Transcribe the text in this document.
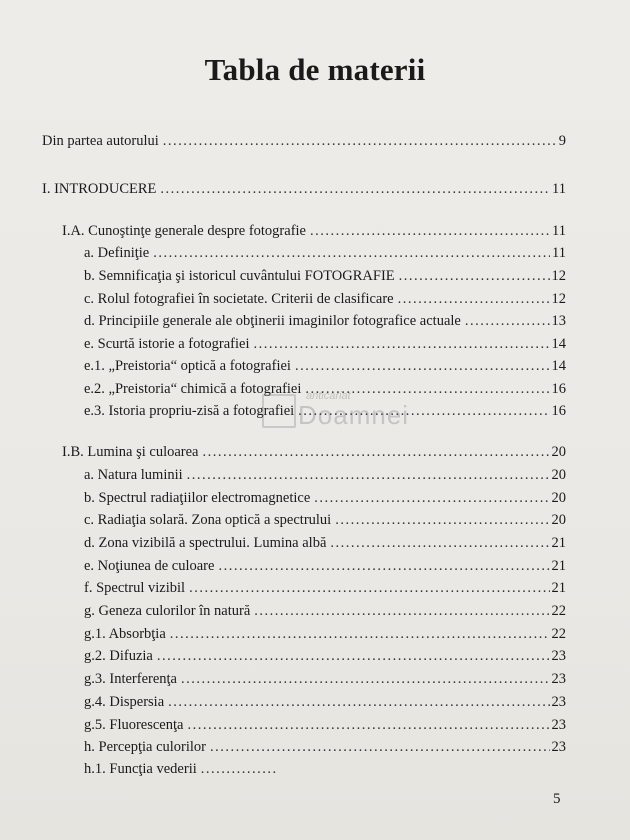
Tabla de materii
Din partea autorului .....	9
I. INTRODUCERE .....	11
I.A. Cunoştinţe generale despre fotografie .....	11
a. Definiţie .....	11
b. Semnificaţia şi istoricul cuvântului FOTOGRAFIE .....	12
c. Rolul fotografiei în societate. Criterii de clasificare .....	12
d. Principiile generale ale obţinerii imaginilor fotografice actuale .....	13
e. Scurtă istorie a fotografiei .....	14
e.1. „Preistoria“ optică a fotografiei .....	14
e.2. „Preistoria“ chimică a fotografiei .....	16
e.3. Istoria propriu-zisă a fotografiei .....	16
I.B. Lumina şi culoarea .....	20
a. Natura luminii .....	20
b. Spectrul radiaţiilor electromagnetice .....	20
c. Radiaţia solară. Zona optică a spectrului .....	20
d. Zona vizibilă a spectrului. Lumina albă .....	21
e. Noţiunea de culoare .....	21
f. Spectrul vizibil .....	21
g. Geneza culorilor în natură .....	22
g.1. Absorbţia .....	22
g.2. Difuzia .....	23
g.3. Interferenţa .....	23
g.4. Dispersia .....	23
g.5. Fluorescenţa .....	23
h. Percepţia culorilor .....	23
h.1. Funcţia vederii
.....
anticariat
Doamnei
5
